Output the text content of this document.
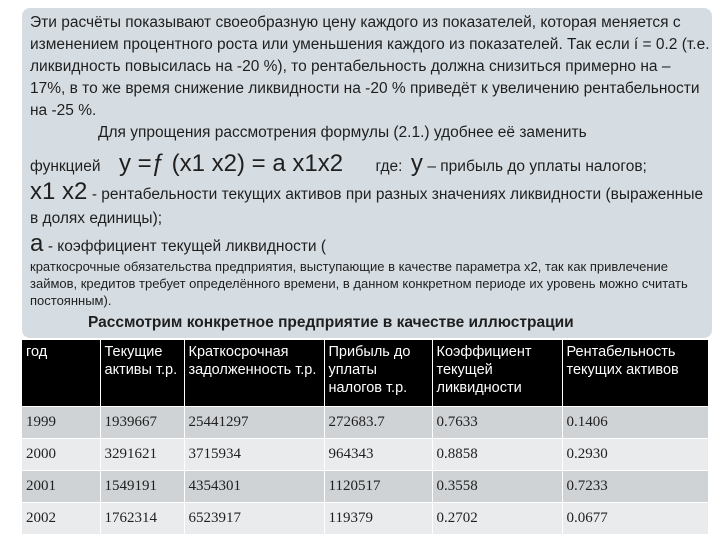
Эти расчёты показывают своеобразную цену каждого из показателей, которая меняется с изменением процентного роста или уменьшения каждого из показателей. Так если í = 0.2 (т.е. ликвидность повысилась на -20 %), то рентабельность должна снизиться примерно на – 17%, в то же время снижение ликвидности на -20 % приведёт к увеличению рентабельности на -25 %.

Для упрощения рассмотрения формулы (2.1.) удобнее её заменить

функцией y =ƒ (x1 x2) = a x1x2 где: y – прибыль до уплаты налогов;
x1 x2 - рентабельности текущих активов при разных значениях ликвидности (выраженные в долях единицы);
a - коэффициент текущей ликвидности (
краткосрочные обязательства предприятия, выступающие в качестве параметра x2, так как привлечение займов, кредитов требует определённого времени, в данном конкретном периоде их уровень можно считать постоянным).
Рассмотрим конкретное предприятие в качестве иллюстрации
год	Текущие активы т.р.	Краткосрочная задолженность т.р.	Прибыль до уплаты налогов т.р.	Коэффициент текущей ликвидности	Рентабельность текущих активов
1999	1939667	25441297	272683.7	0.7633	0.1406
2000	3291621	3715934	964343	0.8858	0.2930
2001	1549191	4354301	1120517	0.3558	0.7233
2002	1762314	6523917	119379	0.2702	0.0677
